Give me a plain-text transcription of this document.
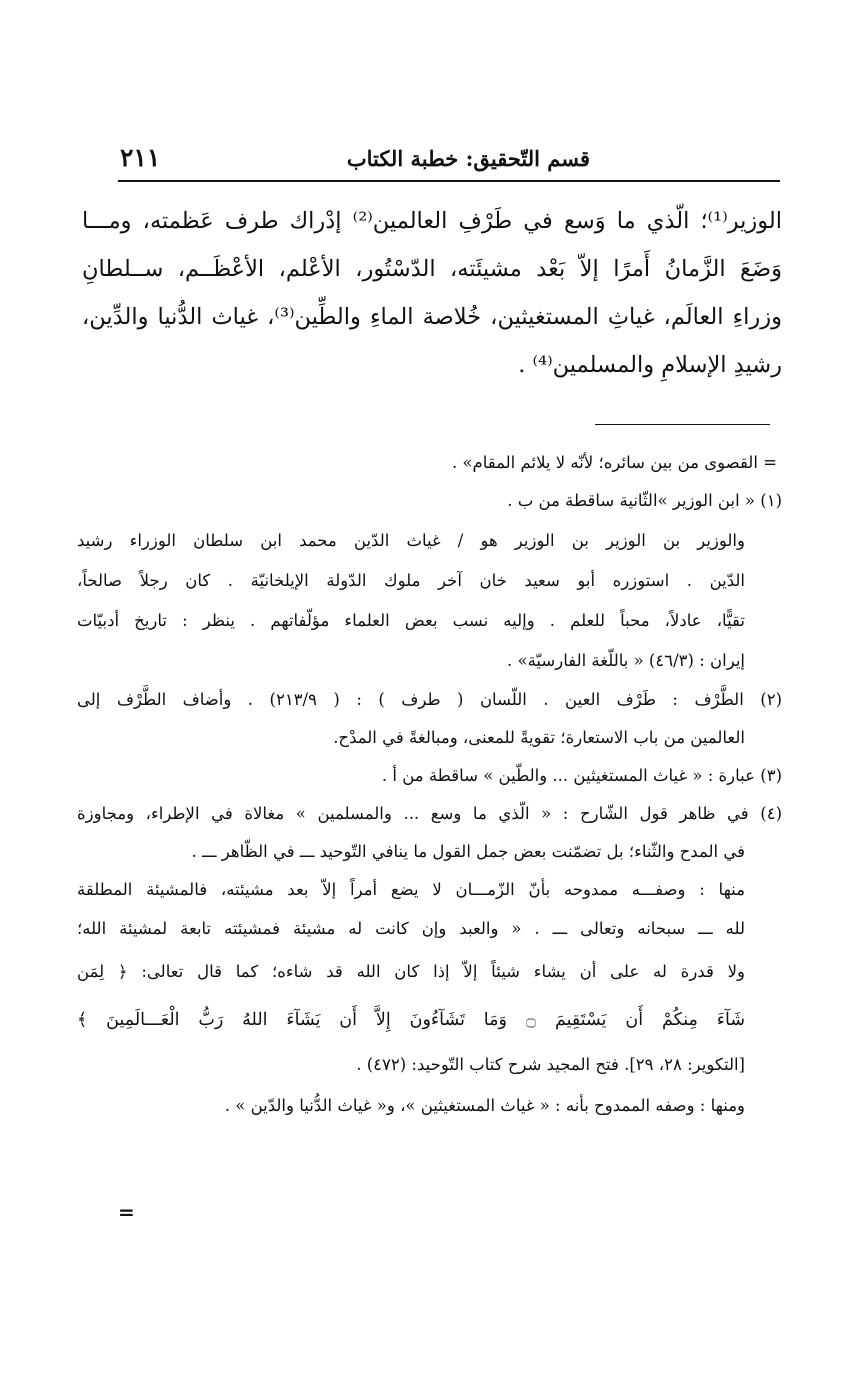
قسم التّحقيق: خطبة الكتاب
٢١١
الوزير⁽¹⁾؛ الّذي ما وَسع في طَرْفِ العالمين⁽²⁾ إدْراك طرف عَظمته، ومـــا
وَضَعَ الزَّمانُ أَمرًا إلاّ بَعْد مشيئَته، الدّسْتُور، الأعْلم، الأعْظَــم، ســلطانِ
وزراءِ العالَم، غياثِ المستغيثين، خُلاصة الماءِ والطِّين⁽³⁾، غياث الدُّنيا والدِّين،
رشيدِ الإسلامِ والمسلمين⁽⁴⁾ .
= القصوى من بين سائره؛ لأنّه لا يلائم المقام» .
(١) « ابن الوزير »الثّانية ساقطة من ب .
والوزير بن الوزير بن الوزير هو / غياث الدّين محمد ابن سلطان الوزراء رشيد
الدّين . استوزره أبو سعيد خان آخر ملوك الدّولة الإيلخانيّة . كان رجلاً صالحاً،
تقيًّا، عادلاً، محباً للعلم . وإليه نسب بعض العلماء مؤلّفاتهم . ينظر : تاريخ أدبيّات
إيران : (٤٦/٣) « باللّغة الفارسيّة» .
(٢) الطَّرْف : طَرْف العين . اللّسان ( طرف ) : ( ٢١٣/٩) . وأضاف الطَّرْف إلى
العالمين من باب الاستعارة؛ تقويةً للمعنى، ومبالغةً في المدْح.
(٣) عبارة : « غياث المستغيثين ... والطّين » ساقطة من أ .
(٤) في ظاهر قول الشّارح : « الّذي ما وسع ... والمسلمين » مغالاة في الإطراء، ومجاوزة
في المدح والثّناء؛ بل تضمّنت بعض جمل القول ما ينافي التّوحيد ـــ في الظّاهر ـــ .
منها : وصفـــه ممدوحه بأنّ الزّمـــان لا يضع أمراً إلاّ بعد مشيئته، فالمشيئة المطلقة
لله ـــ سبحانه وتعالى ـــ . « والعبد وإن كانت له مشيئة فمشيئته تابعة لمشيئة الله؛
ولا قدرة له على أن يشاء شيئاً إلاّ إذا كان الله قد شاءه؛ كما قال تعالى: ﴿ لِمَن
شَآءَ مِنكُمْ أَن يَسْتَقِيمَ ۝ وَمَا تَشَآءُونَ إِلاَّ أَن يَشَآءَ اللهُ رَبُّ الْعَـــالَمِينَ ﴾
[التكوير: ٢٨، ٢٩]. فتح المجيد شرح كتاب التّوحيد: (٤٧٢) .
ومنها : وصفه الممدوح بأنه : « غياث المستغيثين »، و« غياث الدُّنيا والدّين » .
=
